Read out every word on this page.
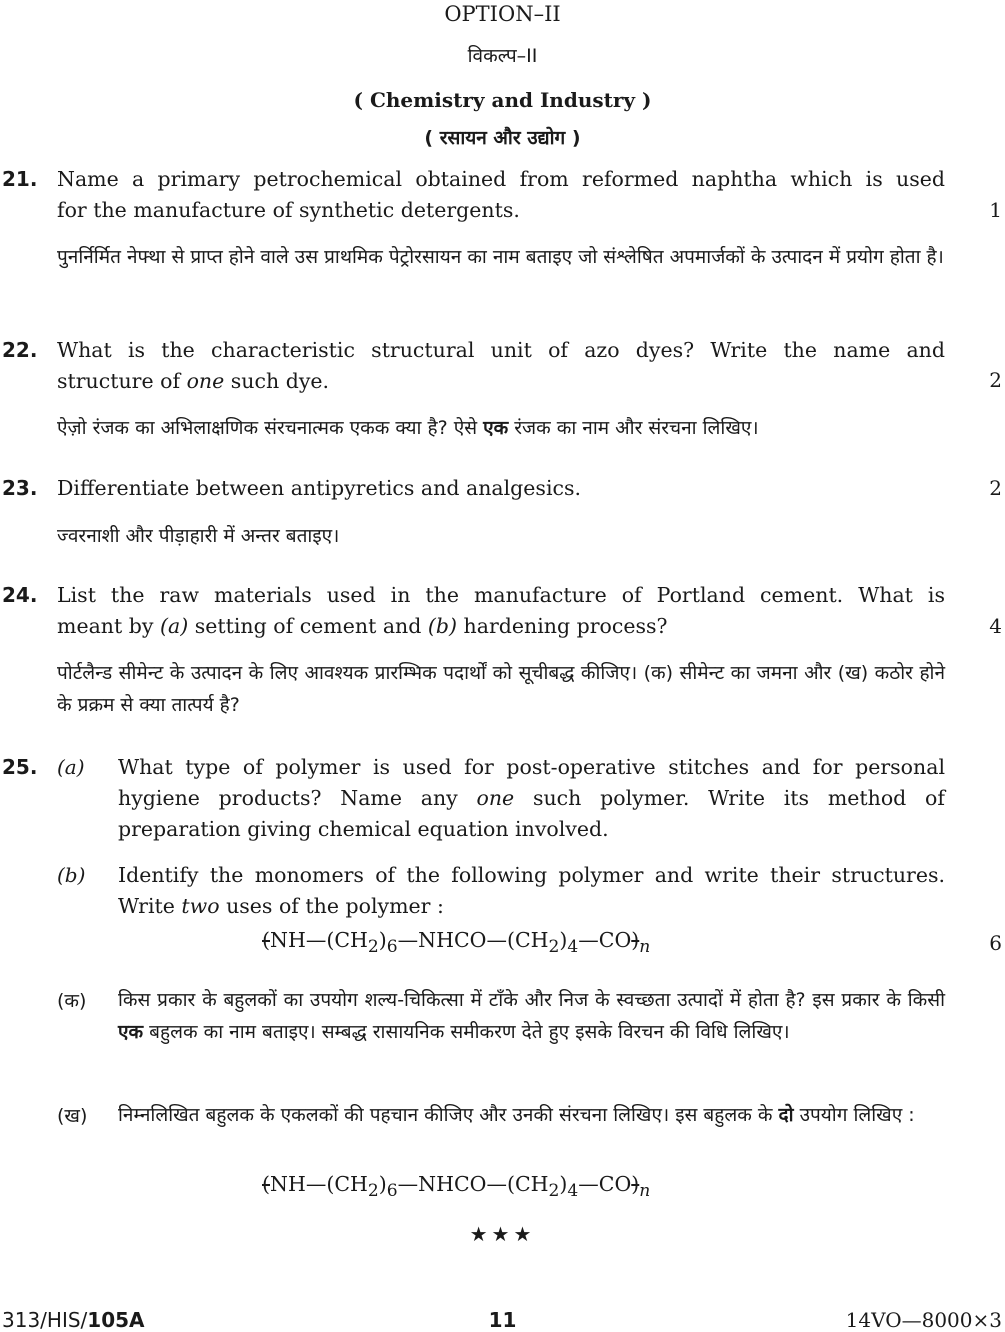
OPTION–II
विकल्प–II
( Chemistry and Industry )
( रसायन और उद्योग )
21. Name a primary petrochemical obtained from reformed naphtha which is used
for the manufacture of synthetic detergents.	1
पुनर्निर्मित नेफ्था से प्राप्त होने वाले उस प्राथमिक पेट्रोरसायन का नाम बताइए जो संश्लेषित अपमार्जकों के उत्पादन में प्रयोग होता है।
22. What is the characteristic structural unit of azo dyes? Write the name and
structure of one such dye.	2
ऐज़ो रंजक का अभिलाक्षणिक संरचनात्मक एकक क्या है? ऐसे एक रंजक का नाम और संरचना लिखिए।
23. Differentiate between antipyretics and analgesics.	2
ज्वरनाशी और पीड़ाहारी में अन्तर बताइए।
24. List the raw materials used in the manufacture of Portland cement. What is
meant by (a) setting of cement and (b) hardening process?	4
पोर्टलैन्ड सीमेन्ट के उत्पादन के लिए आवश्यक प्रारम्भिक पदार्थों को सूचीबद्ध कीजिए। (क) सीमेन्ट का जमना और (ख) कठोर होने के प्रक्रम से क्या तात्पर्य है?
25. (a) What type of polymer is used for post-operative stitches and for personal
hygiene products? Name any one such polymer. Write its method of
preparation giving chemical equation involved.
(b) Identify the monomers of the following polymer and write their structures.
Write two uses of the polymer :
$(NH—(CH_2)_6—NHCO—(CH_2)_4—CO)_n$	6
(क) किस प्रकार के बहुलकों का उपयोग शल्य-चिकित्सा में टाँके और निज के स्वच्छता उत्पादों में होता है? इस प्रकार के किसी एक बहुलक का नाम बताइए। सम्बद्ध रासायनिक समीकरण देते हुए इसके विरचन की विधि लिखिए।
(ख) निम्नलिखित बहुलक के एकलकों की पहचान कीजिए और उनकी संरचना लिखिए। इस बहुलक के दो उपयोग लिखिए :
$(NH—(CH_2)_6—NHCO—(CH_2)_4—CO)_n$
★★★
313/HIS/105A	11	14VO—8000×3
